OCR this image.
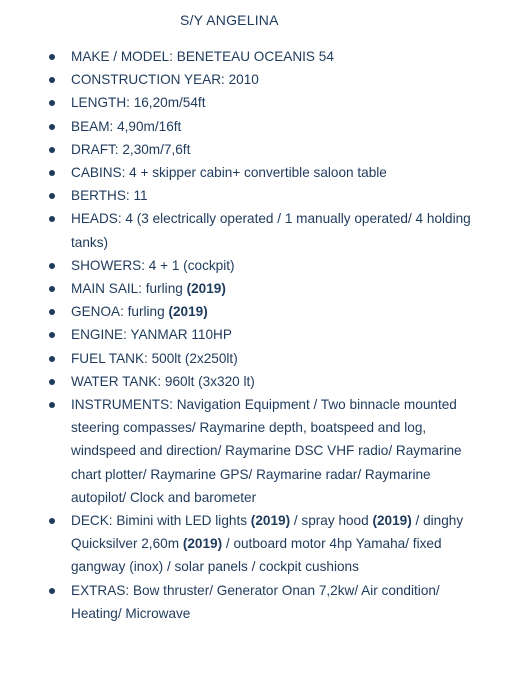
S/Y ANGELINA
MAKE / MODEL: BENETEAU OCEANIS 54
CONSTRUCTION YEAR: 2010
LENGTH: 16,20m/54ft
BEAM: 4,90m/16ft
DRAFT: 2,30m/7,6ft
CABINS: 4 + skipper cabin+ convertible saloon table
BERTHS: 11
HEADS: 4 (3 electrically operated / 1 manually operated/ 4 holding tanks)
SHOWERS: 4 + 1 (cockpit)
MAIN SAIL: furling (2019)
GENOA: furling (2019)
ENGINE: YANMAR 110HP
FUEL TANK: 500lt (2x250lt)
WATER TANK: 960lt (3x320 lt)
INSTRUMENTS: Navigation Equipment / Two binnacle mounted steering compasses/ Raymarine depth, boatspeed and log, windspeed and direction/ Raymarine DSC VHF radio/ Raymarine chart plotter/ Raymarine GPS/ Raymarine radar/ Raymarine autopilot/ Clock and barometer
DECK: Bimini with LED lights (2019) / spray hood (2019) / dinghy Quicksilver 2,60m (2019) / outboard motor 4hp Yamaha/ fixed gangway (inox) / solar panels / cockpit cushions
EXTRAS: Bow thruster/ Generator Onan 7,2kw/ Air condition/ Heating/ Microwave
